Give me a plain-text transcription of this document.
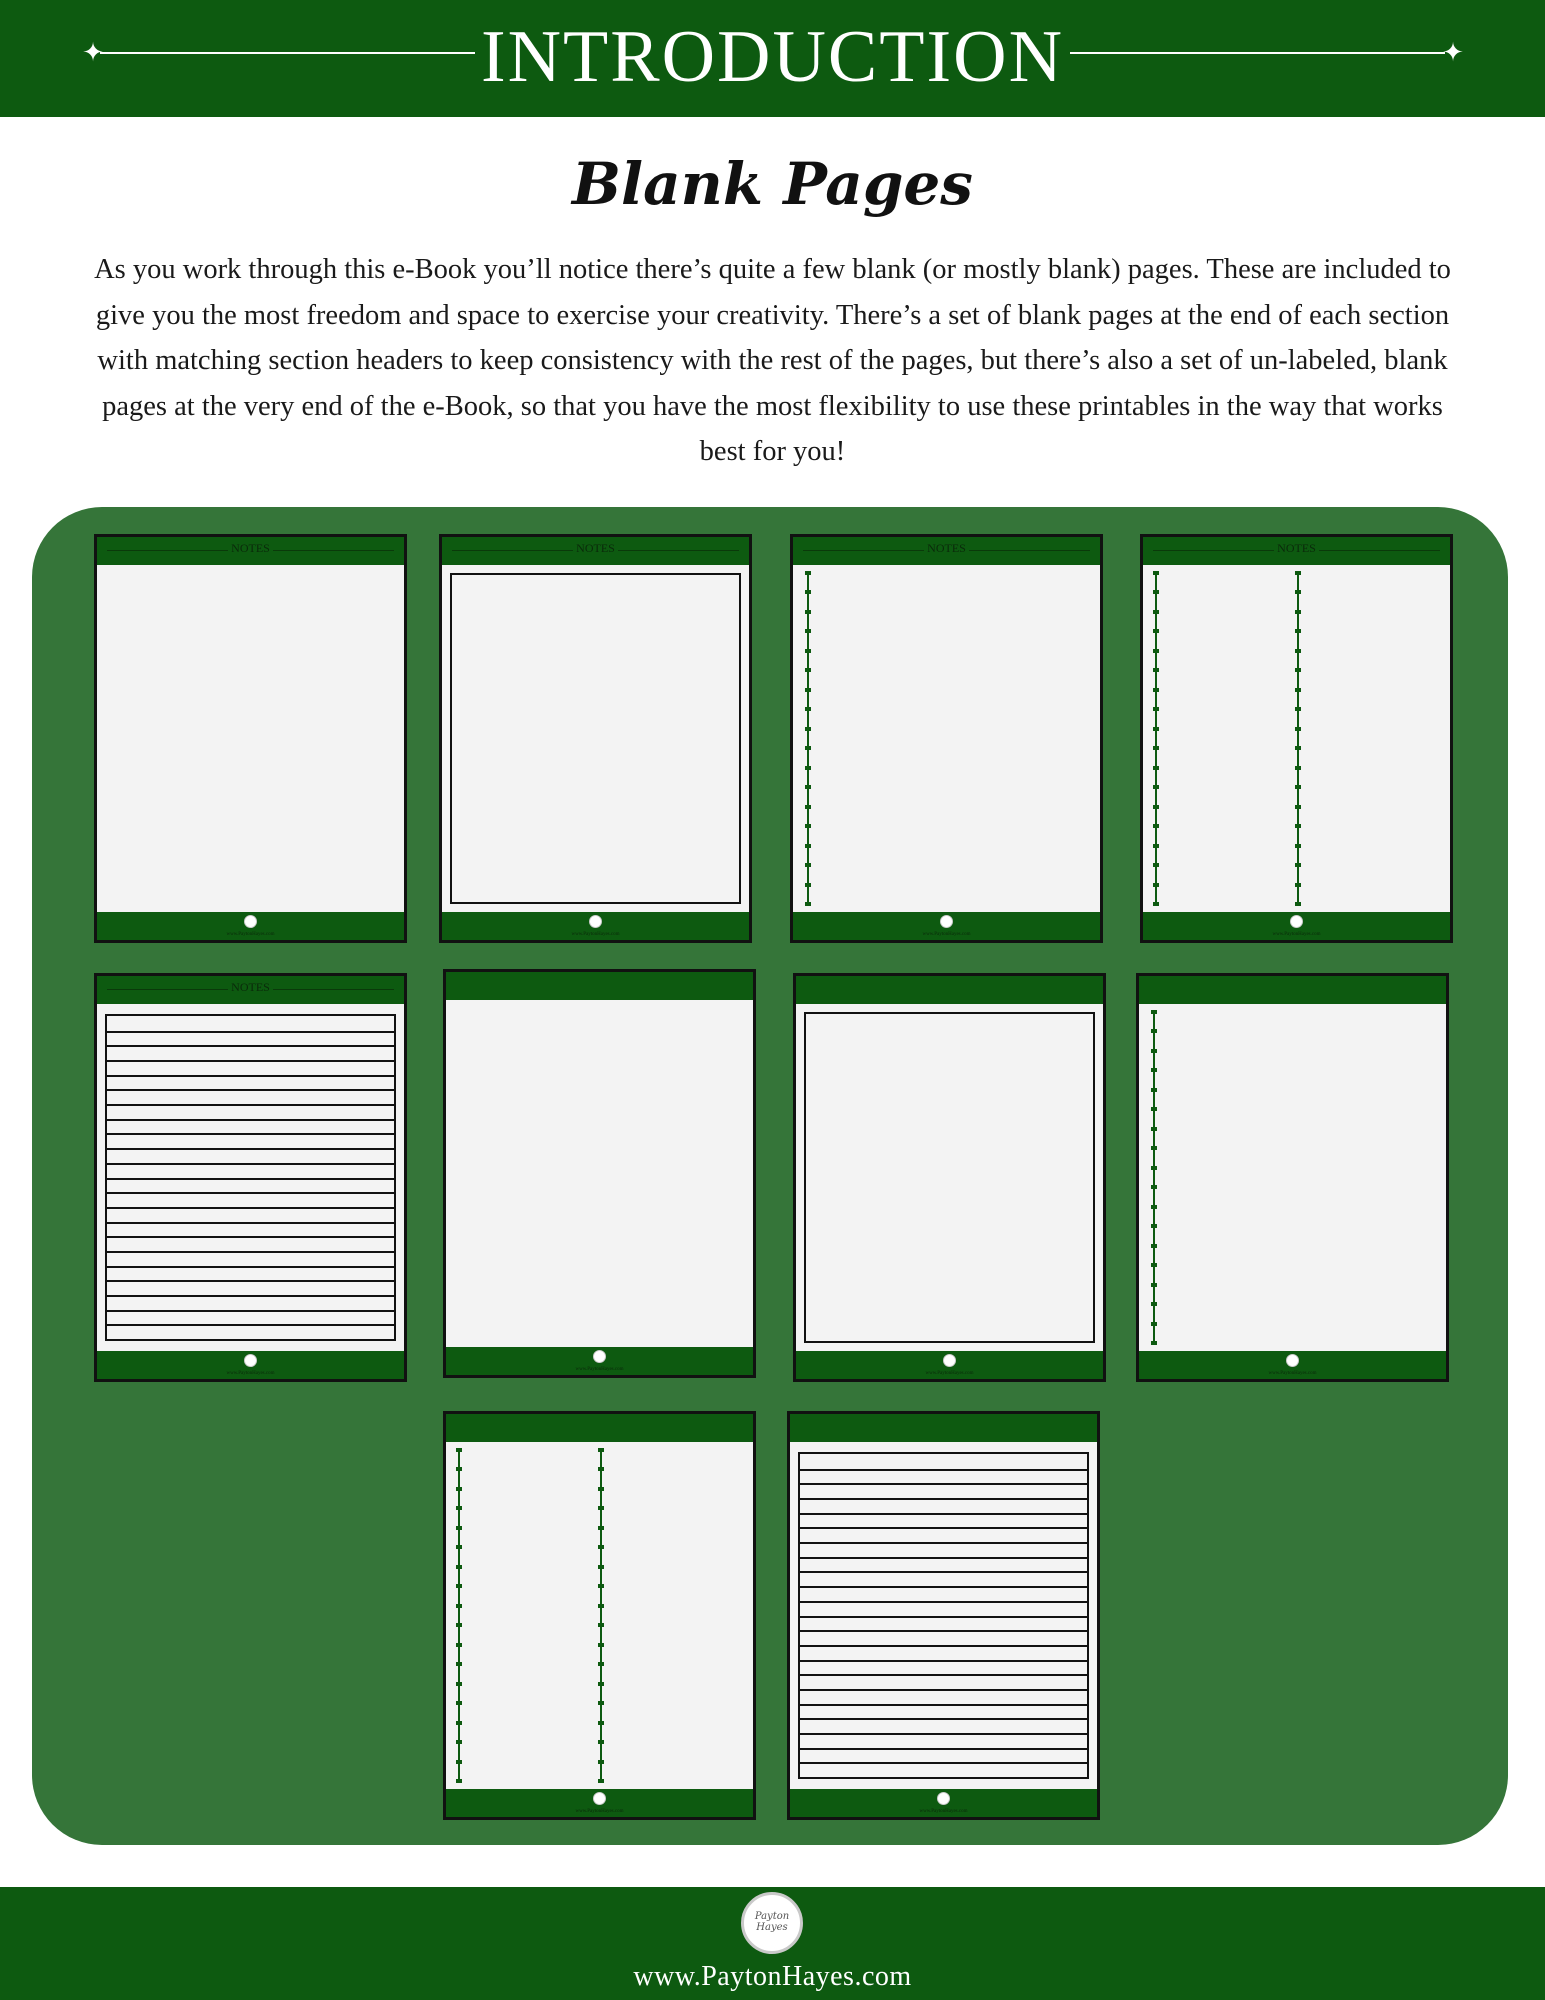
✦	✦
INTRODUCTION
Blank Pages
As you work through this e-Book you’ll notice there’s quite a few blank (or mostly blank) pages. These are included to give you the most freedom and space to exercise your creativity. There’s a set of blank pages at the end of each section with matching section headers to keep consistency with the rest of the pages, but there’s also a set of un-labeled, blank pages at the very end of the e-Book, so that you have the most flexibility to use these printables in the way that works best for you!
NOTES
www.PaytonHayes.com
NOTES
www.PaytonHayes.com
NOTES
www.PaytonHayes.com
NOTES
www.PaytonHayes.com
NOTES
www.PaytonHayes.com
www.PaytonHayes.com
www.PaytonHayes.com	www.PaytonHayes.com
www.PaytonHayes.com	www.PaytonHayes.com
Payton Hayes
www.PaytonHayes.com
